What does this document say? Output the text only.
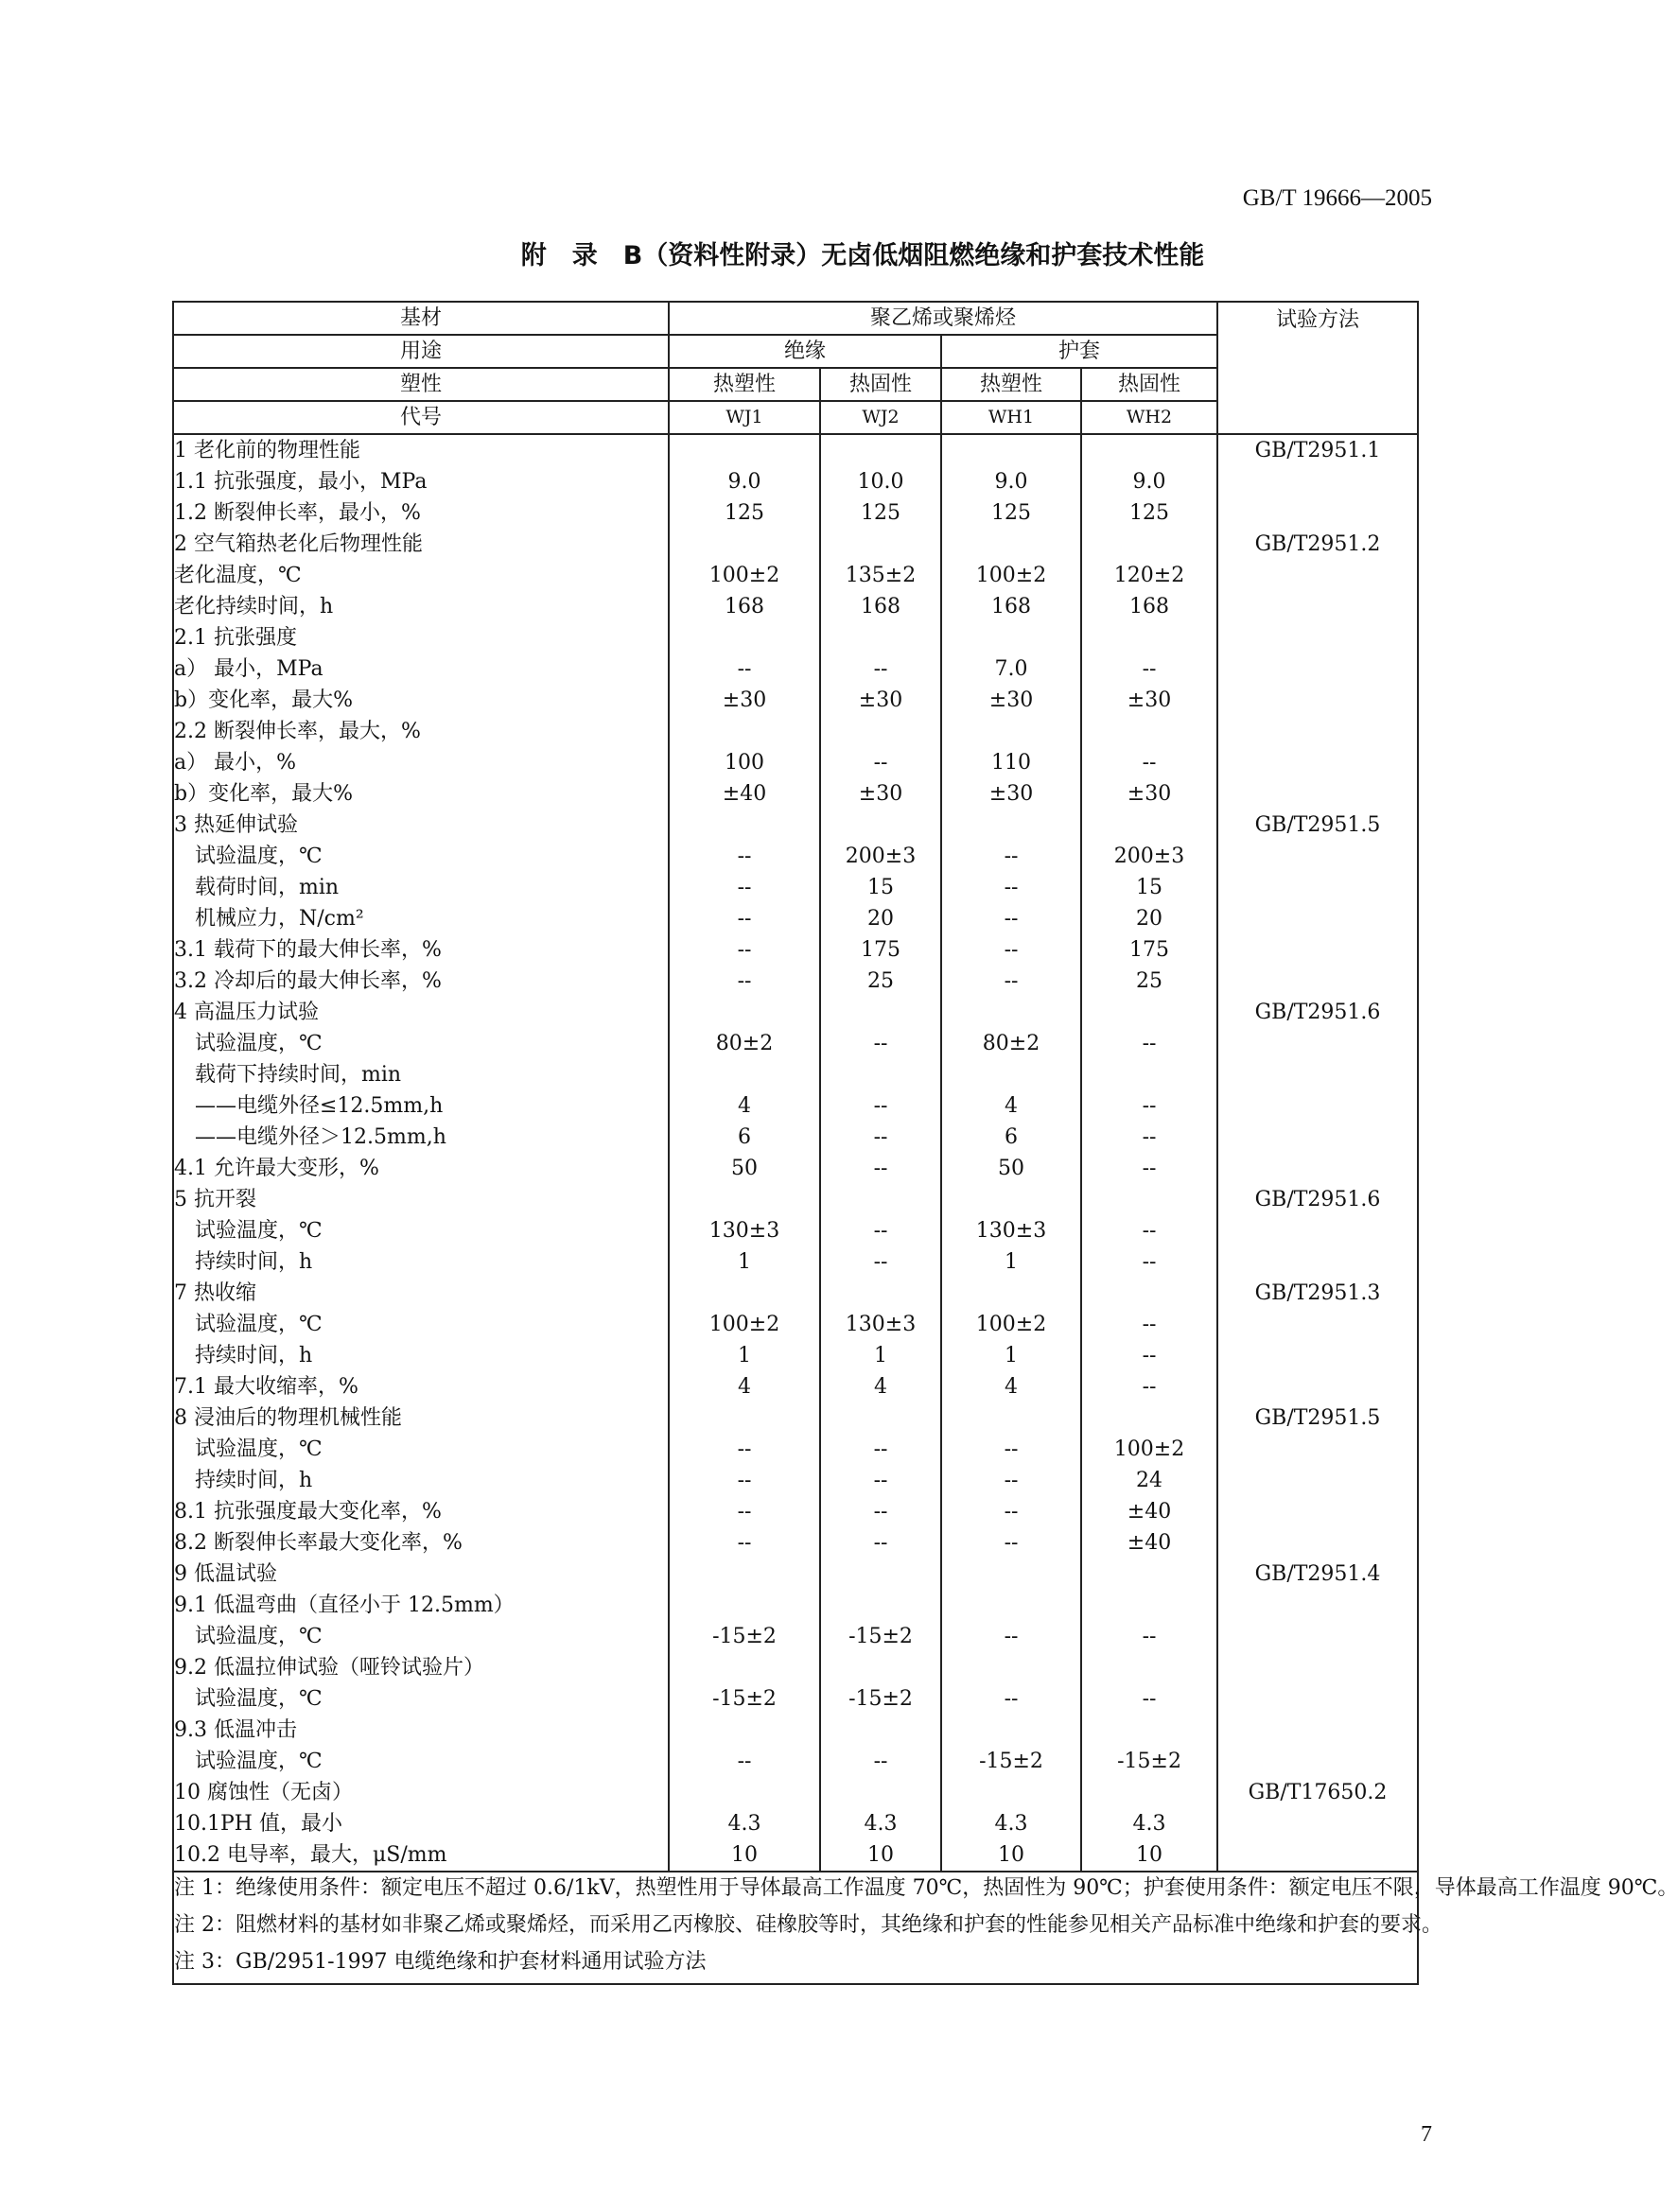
GB/T 19666—2005
附　录　B（资料性附录）无卤低烟阻燃绝缘和护套技术性能
基材	聚乙烯或聚烯烃				试验方法
用途	绝缘		护套		
塑性	热塑性	热固性	热塑性	热固性	
代号	WJ1	WJ2	WH1	WH2	
1 老化前的物理性能					GB/T2951.1
1.1 抗张强度，最小，MPa	9.0	10.0	9.0	9.0	
1.2 断裂伸长率，最小，%	125	125	125	125	
2 空气箱热老化后物理性能					GB/T2951.2
老化温度，℃	100±2	135±2	100±2	120±2	
老化持续时间，h	168	168	168	168	
2.1 抗张强度					
a） 最小，MPa	--	--	7.0	--	
b）变化率，最大%	±30	±30	±30	±30	
2.2 断裂伸长率，最大，%					
a） 最小，%	100	--	110	--	
b）变化率，最大%	±40	±30	±30	±30	
3 热延伸试验					GB/T2951.5
　试验温度，℃	--	200±3	--	200±3	
　载荷时间，min	--	15	--	15	
　机械应力，N/cm²	--	20	--	20	
3.1 载荷下的最大伸长率，%	--	175	--	175	
3.2 冷却后的最大伸长率，%	--	25	--	25	
4 高温压力试验					GB/T2951.6
　试验温度，℃	80±2	--	80±2	--	
　载荷下持续时间，min					
　——电缆外径≤12.5mm,h	4	--	4	--	
　——电缆外径＞12.5mm,h	6	--	6	--	
4.1 允许最大变形，%	50	--	50	--	
5 抗开裂					GB/T2951.6
　试验温度，℃	130±3	--	130±3	--	
　持续时间，h	1	--	1	--	
7 热收缩					GB/T2951.3
　试验温度，℃	100±2	130±3	100±2	--	
　持续时间，h	1	1	1	--	
7.1 最大收缩率，%	4	4	4	--	
8 浸油后的物理机械性能					GB/T2951.5
　试验温度，℃	--	--	--	100±2	
　持续时间，h	--	--	--	24	
8.1 抗张强度最大变化率，%	--	--	--	±40	
8.2 断裂伸长率最大变化率，%	--	--	--	±40	
9 低温试验					GB/T2951.4
9.1 低温弯曲（直径小于 12.5mm）					
　试验温度，℃	-15±2	-15±2	--	--	
9.2 低温拉伸试验（哑铃试验片）					
　试验温度，℃	-15±2	-15±2	--	--	
9.3 低温冲击					
　试验温度，℃	--	--	-15±2	-15±2	
10 腐蚀性（无卤）					GB/T17650.2
10.1PH 值，最小	4.3	4.3	4.3	4.3	
10.2 电导率，最大，μS/mm	10	10	10	10	

注 1：绝缘使用条件：额定电压不超过 0.6/1kV，热塑性用于导体最高工作温度 70℃，热固性为 90℃；护套使用条件：额定电压不限，导体最高工作温度 90℃。

注 2：阻燃材料的基材如非聚乙烯或聚烯烃，而采用乙丙橡胶、硅橡胶等时，其绝缘和护套的性能参见相关产品标准中绝缘和护套的要求。

注 3：GB/2951-1997 电缆绝缘和护套材料通用试验方法					

7
